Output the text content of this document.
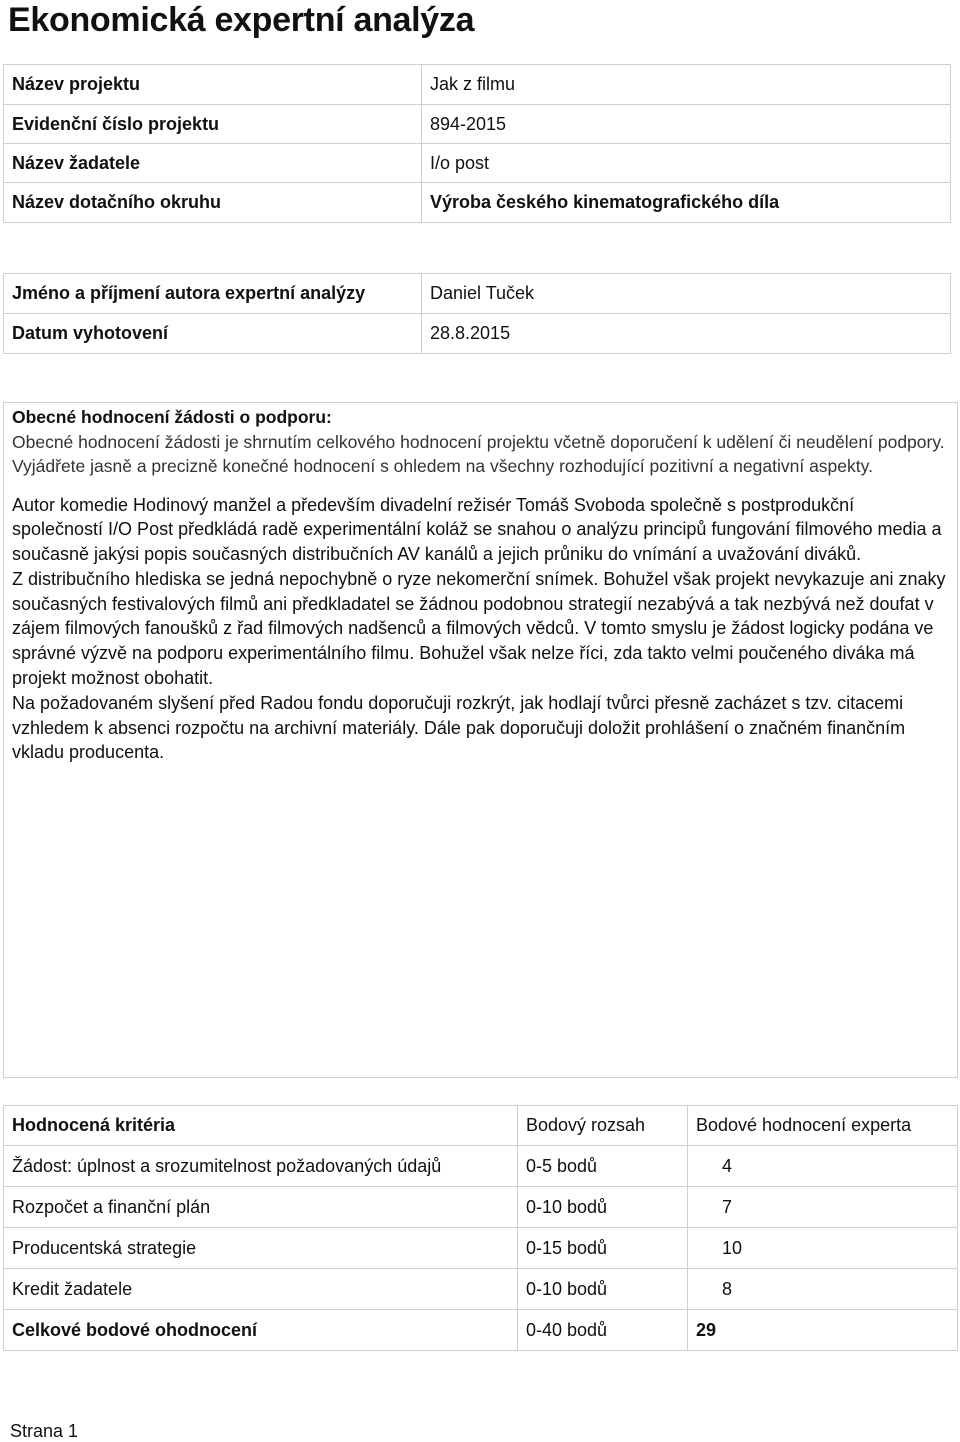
Ekonomická expertní analýza
Název projektu	Jak z filmu
Evidenční číslo projektu	894-2015
Název žadatele	I/o post
Název dotačního okruhu	Výroba českého kinematografického díla
Jméno a příjmení autora expertní analýzy	Daniel Tuček
Datum vyhotovení	28.8.2015

Obecné hodnocení žádosti o podporu:

Obecné hodnocení žádosti je shrnutím celkového hodnocení projektu včetně doporučení k udělení či neudělení podpory. Vyjádřete jasně a precizně konečné hodnocení s ohledem na všechny rozhodující pozitivní a negativní aspekty.

Autor komedie Hodinový manžel a především divadelní režisér Tomáš Svoboda společně s postprodukční společností I/O Post předkládá radě experimentální koláž se snahou o analýzu principů fungování filmového media a současně jakýsi popis současných distribučních AV kanálů a jejich průniku do vnímání a uvažování diváků.

Z distribučního hlediska se jedná nepochybně o ryze nekomerční snímek. Bohužel však projekt nevykazuje ani znaky současných festivalových filmů ani předkladatel se žádnou podobnou strategií nezabývá a tak nezbývá než doufat v zájem filmových fanoušků z řad filmových nadšenců a filmových vědců. V tomto smyslu je žádost logicky podána ve správné výzvě na podporu experimentálního filmu. Bohužel však nelze říci, zda takto velmi poučeného diváka má projekt možnost obohatit.

Na požadovaném slyšení před Radou fondu doporučuji rozkrýt, jak hodlají tvůrci přesně zacházet s tzv. citacemi vzhledem k absenci rozpočtu na archivní materiály. Dále pak doporučuji doložit prohlášení o značném finančním vkladu producenta.

Hodnocená kritéria	Bodový rozsah	Bodové hodnocení experta
Žádost: úplnost a srozumitelnost požadovaných údajů	0-5 bodů	4
Rozpočet a finanční plán	0-10 bodů	7
Producentská strategie	0-15 bodů	10
Kredit žadatele	0-10 bodů	8
Celkové bodové ohodnocení	0-40 bodů	29
Strana 1
